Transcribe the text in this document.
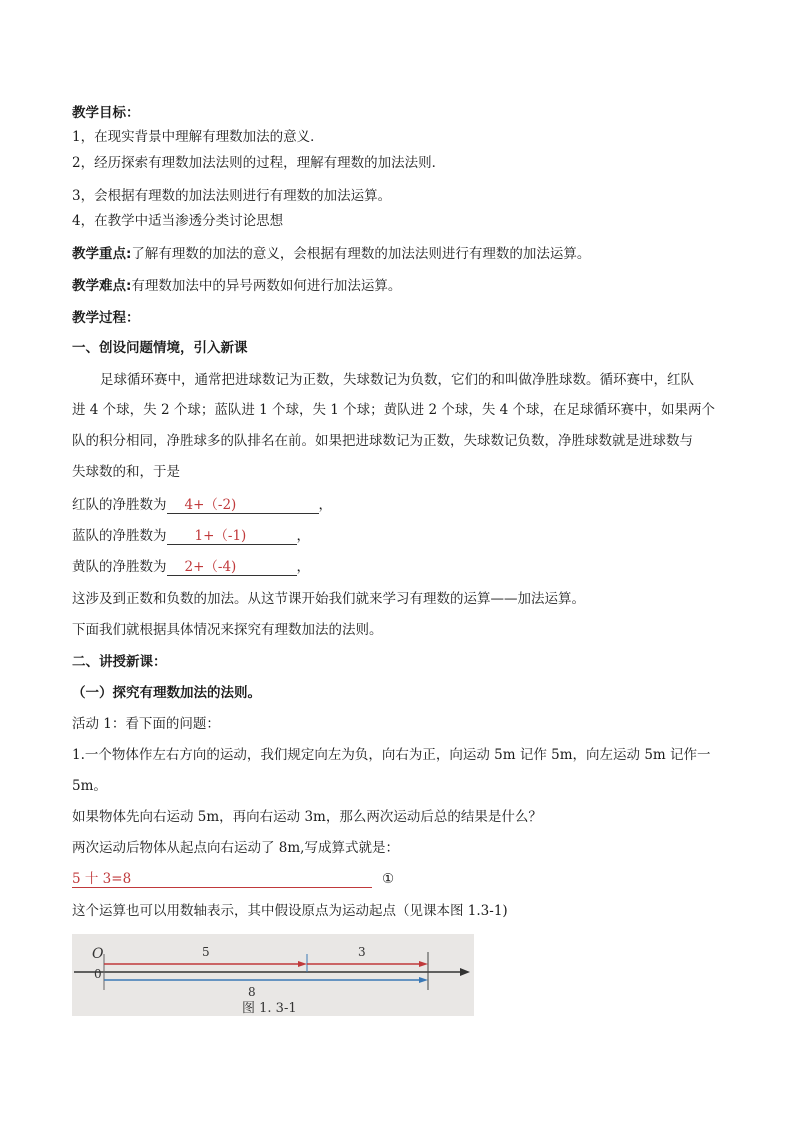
教学目标：
1，在现实背景中理解有理数加法的意义．
2，经历探索有理数加法法则的过程，理解有理数的加法法则．
3，会根据有理数的加法法则进行有理数的加法运算。
4，在教学中适当渗透分类讨论思想
教学重点:了解有理数的加法的意义，会根据有理数的加法法则进行有理数的加法运算。
教学难点:有理数加法中的异号两数如何进行加法运算。
教学过程：
一、创设问题情境，引入新课
足球循环赛中，通常把进球数记为正数，失球数记为负数，它们的和叫做净胜球数。循环赛中，红队
进 4 个球，失 2 个球；蓝队进 1 个球，失 1 个球；黄队进 2 个球，失 4 个球，在足球循环赛中，如果两个
队的积分相同，净胜球多的队排名在前。如果把进球数记为正数，失球数记负数，净胜球数就是进球数与
失球数的和，于是
红队的净胜数为 4+（-2)	，
蓝队的净胜数为 1+（-1)	，
黄队的净胜数为 2+（-4)	，
这涉及到正数和负数的加法。从这节课开始我们就来学习有理数的运算——加法运算。
下面我们就根据具体情况来探究有理数加法的法则。
二、讲授新课：
（一）探究有理数加法的法则。
活动 1：看下面的问题：
1.一个物体作左右方向的运动，我们规定向左为负，向右为正，向运动 5m 记作 5m，向左运动 5m 记作一
5m。
如果物体先向右运动 5m，再向右运动 3m，那么两次运动后总的结果是什么？
两次运动后物体从起点向右运动了 8m,写成算式就是：
5 十 3=8	①
这个运算也可以用数轴表示，其中假设原点为运动起点（见课本图 1.3-1)
O
0
5	3
8
图 1. 3-1
